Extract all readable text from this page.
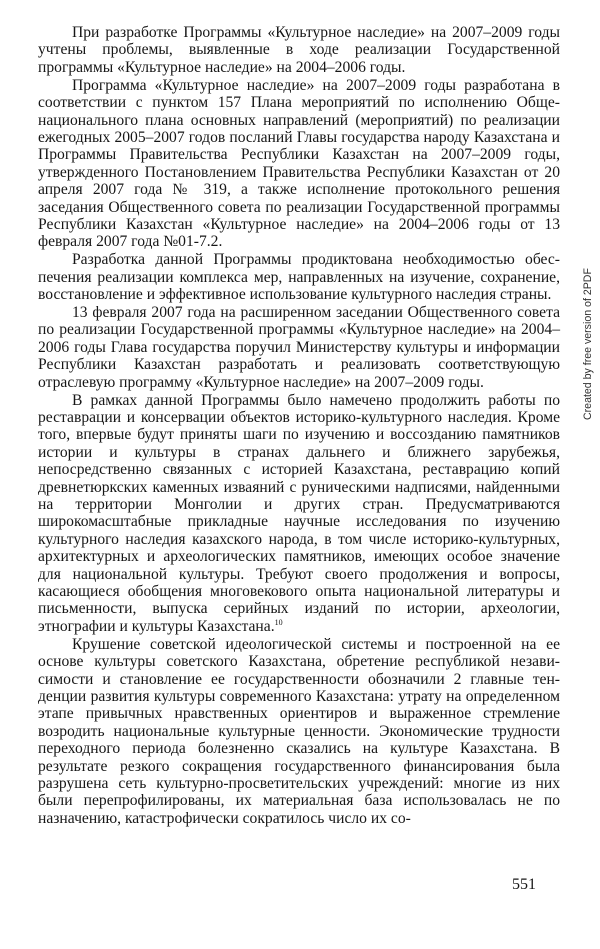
При разработке Программы «Культурное наследие» на 2007–2009 годы учтены проблемы, выявленные в ходе реализации Государственной программы «Культурное наследие» на 2004–2006 годы.

Программа «Культурное наследие» на 2007–2009 годы разработана в соответствии с пунктом 157 Плана мероприятий по исполнению Общенационального плана основных направлений (мероприятий) по реализации ежегодных 2005–2007 годов посланий Главы государства народу Казахстана и Программы Правительства Республики Казахстан на 2007–2009 годы, утвержденного Постановлением Правительства Республики Казахстан от 20 апреля 2007 года № 319, а также исполнение протокольного решения заседания Общественного совета по реализации Государственной программы Республики Казахстан «Культурное наследие» на 2004–2006 годы от 13 февраля 2007 года №01-7.2.

Разработка данной Программы продиктована необходимостью обеспечения реализации комплекса мер, направленных на изучение, сохранение, восстановление и эффективное использование культурного наследия страны.

13 февраля 2007 года на расширенном заседании Общественного совета по реализации Государственной программы «Культурное наследие» на 2004–2006 годы Глава государства поручил Министерству культуры и информации Республики Казахстан разработать и реализовать соответствующую отраслевую программу «Культурное наследие» на 2007–2009 годы.

В рамках данной Программы было намечено продолжить работы по реставрации и консервации объектов историко-культурного наследия. Кроме того, впервые будут приняты шаги по изучению и воссозданию памятников истории и культуры в странах дальнего и ближнего зарубежья, непосредственно связанных с историей Казахстана, реставрацию копий древнетюркских каменных изваяний с руническими надписями, найденными на территории Монголии и других стран. Предусматриваются широкомасштабные прикладные научные исследования по изучению культурного наследия казахского народа, в том числе историко-культурных, архитектурных и археологических памятников, имеющих особое значение для национальной культуры. Требуют своего продолжения и вопросы, касающиеся обобщения многовекового опыта национальной литературы и письменности, выпуска серийных изданий по истории, археологии, этнографии и культуры Казахстана.$^{10}$

Крушение советской идеологической системы и построенной на ее основе культуры советского Казахстана, обретение республикой независимости и становление ее государственности обозначили 2 главные тенденции развития культуры современного Казахстана: утрату на определенном этапе привычных нравственных ориентиров и выраженное стремление возродить национальные культурные ценности. Экономические трудности переходного периода болезненно сказались на культуре Казахстана. В результате резкого сокращения государственного финансирования была разрушена сеть культурно-просветительских учреждений: многие из них были перепрофилированы, их материальная база использовалась не по назначению, катастрофически сократилось число их со-

551
Created by free version of 2PDF
